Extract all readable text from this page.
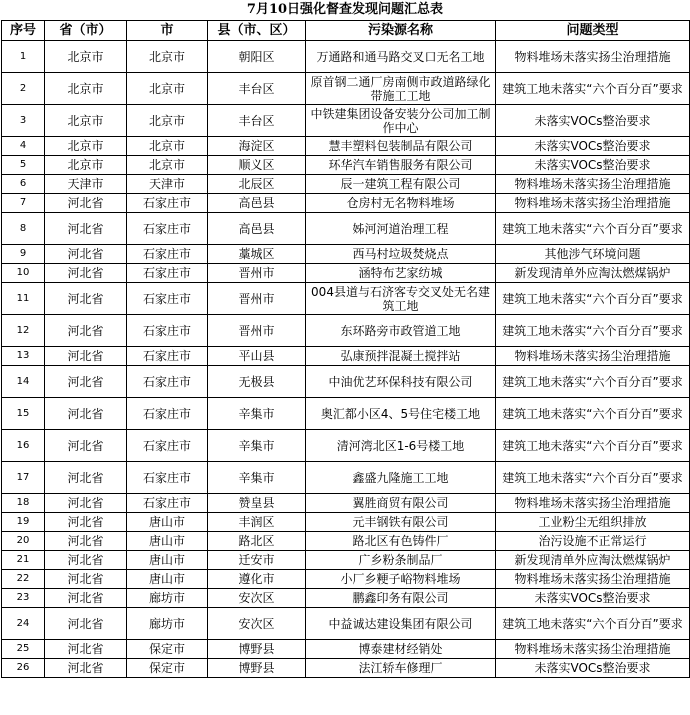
7月10日强化督查发现问题汇总表
序号	省（市）	市	县（市、区）	污染源名称	问题类型
1	北京市	北京市	朝阳区	万通路和通马路交叉口无名工地	物料堆场未落实扬尘治理措施
2	北京市	北京市	丰台区	原首钢二通厂房南侧市政道路绿化带施工工地	建筑工地未落实“六个百分百”要求
3	北京市	北京市	丰台区	中铁建集团设备安装分公司加工制作中心	未落实VOCs整治要求
4	北京市	北京市	海淀区	慧丰塑料包装制品有限公司	未落实VOCs整治要求
5	北京市	北京市	顺义区	环华汽车销售服务有限公司	未落实VOCs整治要求
6	天津市	天津市	北辰区	辰一建筑工程有限公司	物料堆场未落实扬尘治理措施
7	河北省	石家庄市	高邑县	仓房村无名物料堆场	物料堆场未落实扬尘治理措施
8	河北省	石家庄市	高邑县	姊河河道治理工程	建筑工地未落实“六个百分百”要求
9	河北省	石家庄市	藁城区	西马村垃圾焚烧点	其他涉气环境问题
10	河北省	石家庄市	晋州市	涵特布艺家纺城	新发现清单外应淘汰燃煤锅炉
11	河北省	石家庄市	晋州市	004县道与石济客专交叉处无名建筑工地	建筑工地未落实“六个百分百”要求
12	河北省	石家庄市	晋州市	东环路旁市政管道工地	建筑工地未落实“六个百分百”要求
13	河北省	石家庄市	平山县	弘康预拌混凝土搅拌站	物料堆场未落实扬尘治理措施
14	河北省	石家庄市	无极县	中油优艺环保科技有限公司	建筑工地未落实“六个百分百”要求
15	河北省	石家庄市	辛集市	奥汇都小区4、5号住宅楼工地	建筑工地未落实“六个百分百”要求
16	河北省	石家庄市	辛集市	清河湾北区1-6号楼工地	建筑工地未落实“六个百分百”要求
17	河北省	石家庄市	辛集市	鑫盛九隆施工工地	建筑工地未落实“六个百分百”要求
18	河北省	石家庄市	赞皇县	翼胜商贸有限公司	物料堆场未落实扬尘治理措施
19	河北省	唐山市	丰润区	元丰钢铁有限公司	工业粉尘无组织排放
20	河北省	唐山市	路北区	路北区有色铸件厂	治污设施不正常运行
21	河北省	唐山市	迁安市	广乡粉条制品厂	新发现清单外应淘汰燃煤锅炉
22	河北省	唐山市	遵化市	小厂乡粳子峪物料堆场	物料堆场未落实扬尘治理措施
23	河北省	廊坊市	安次区	鹏鑫印务有限公司	未落实VOCs整治要求
24	河北省	廊坊市	安次区	中益诚达建设集团有限公司	建筑工地未落实“六个百分百”要求
25	河北省	保定市	博野县	博泰建材经销处	物料堆场未落实扬尘治理措施
26	河北省	保定市	博野县	法江轿车修理厂	未落实VOCs整治要求
